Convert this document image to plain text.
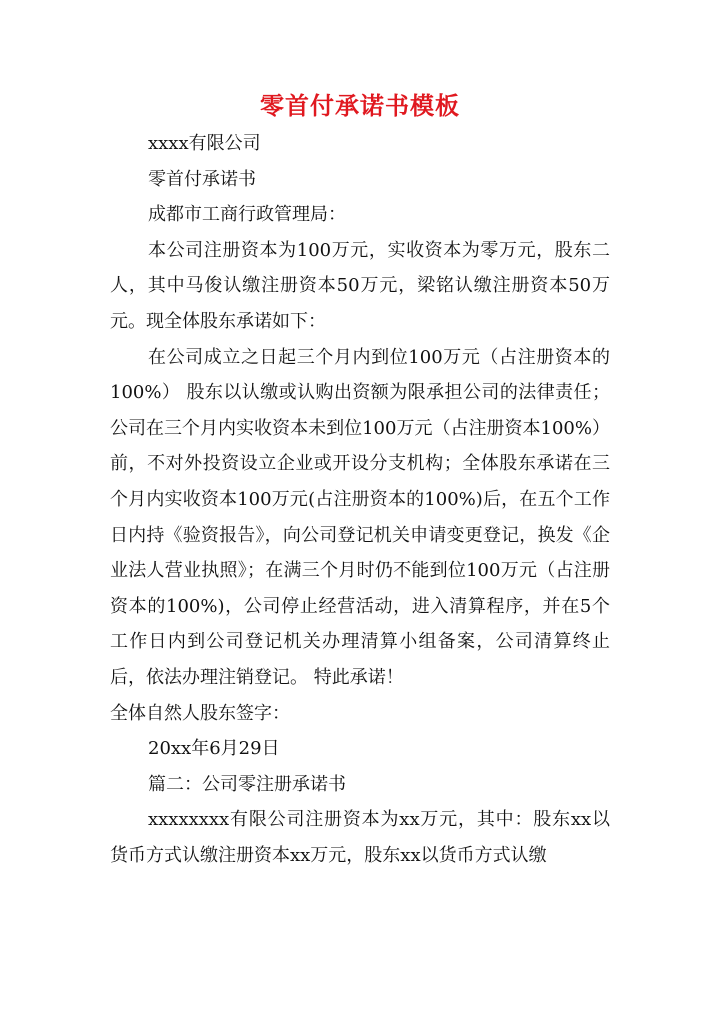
零首付承诺书模板

xxxx有限公司

零首付承诺书

成都市工商行政管理局：

本公司注册资本为100万元，实收资本为零万元，股东二人，其中马俊认缴注册资本50万元，梁铭认缴注册资本50万元。现全体股东承诺如下：

在公司成立之日起三个月内到位100万元（占注册资本的100%） 股东以认缴或认购出资额为限承担公司的法律责任；公司在三个月内实收资本未到位100万元（占注册资本100%）前，不对外投资设立企业或开设分支机构；全体股东承诺在三个月内实收资本100万元(占注册资本的100%)后，在五个工作日内持《验资报告》，向公司登记机关申请变更登记，换发《企业法人营业执照》；在满三个月时仍不能到位100万元（占注册资本的100%)，公司停止经营活动，进入清算程序，并在5个工作日内到公司登记机关办理清算小组备案，公司清算终止后，依法办理注销登记。 特此承诺！

全体自然人股东签字：

20xx年6月29日

篇二：公司零注册承诺书

xxxxxxxx有限公司注册资本为xx万元，其中：股东xx以货币方式认缴注册资本xx万元，股东xx以货币方式认缴
